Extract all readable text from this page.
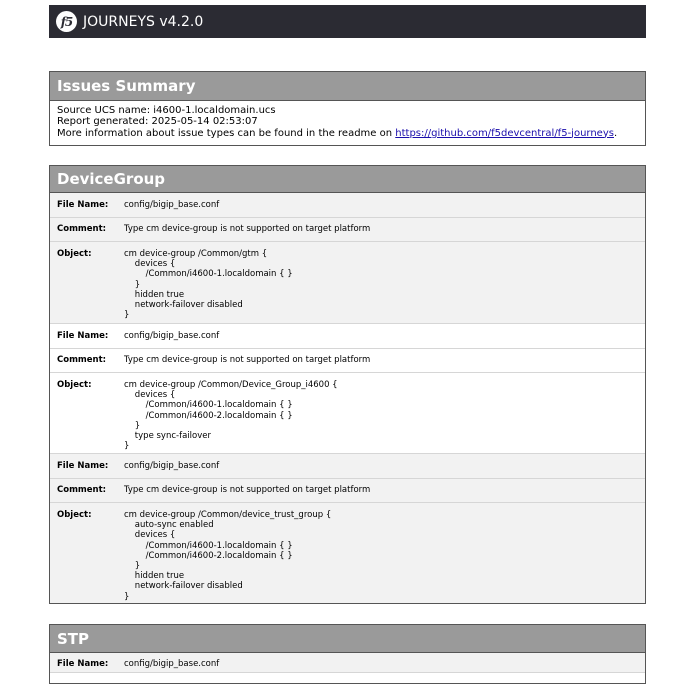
f5 JOURNEYS v4.2.0
Issues Summary
Source UCS name: i4600-1.localdomain.ucs
Report generated: 2025-05-14 02:53:07
More information about issue types can be found in the readme on https://github.com/f5devcentral/f5-journeys.
DeviceGroup
File Name:	config/bigip_base.conf
Comment:	Type cm device-group is not supported on target platform
Object:	cm device-group /Common/gtm {
devices {
/Common/i4600-1.localdomain { }
}
hidden true
network-failover disabled
}
File Name:	config/bigip_base.conf
Comment:	Type cm device-group is not supported on target platform
Object:	cm device-group /Common/Device_Group_i4600 {
devices {
/Common/i4600-1.localdomain { }
/Common/i4600-2.localdomain { }
}
type sync-failover
}
File Name:	config/bigip_base.conf
Comment:	Type cm device-group is not supported on target platform
Object:	cm device-group /Common/device_trust_group {
auto-sync enabled
devices {
/Common/i4600-1.localdomain { }
/Common/i4600-2.localdomain { }
}
hidden true
network-failover disabled
}
STP
File Name:	config/bigip_base.conf
